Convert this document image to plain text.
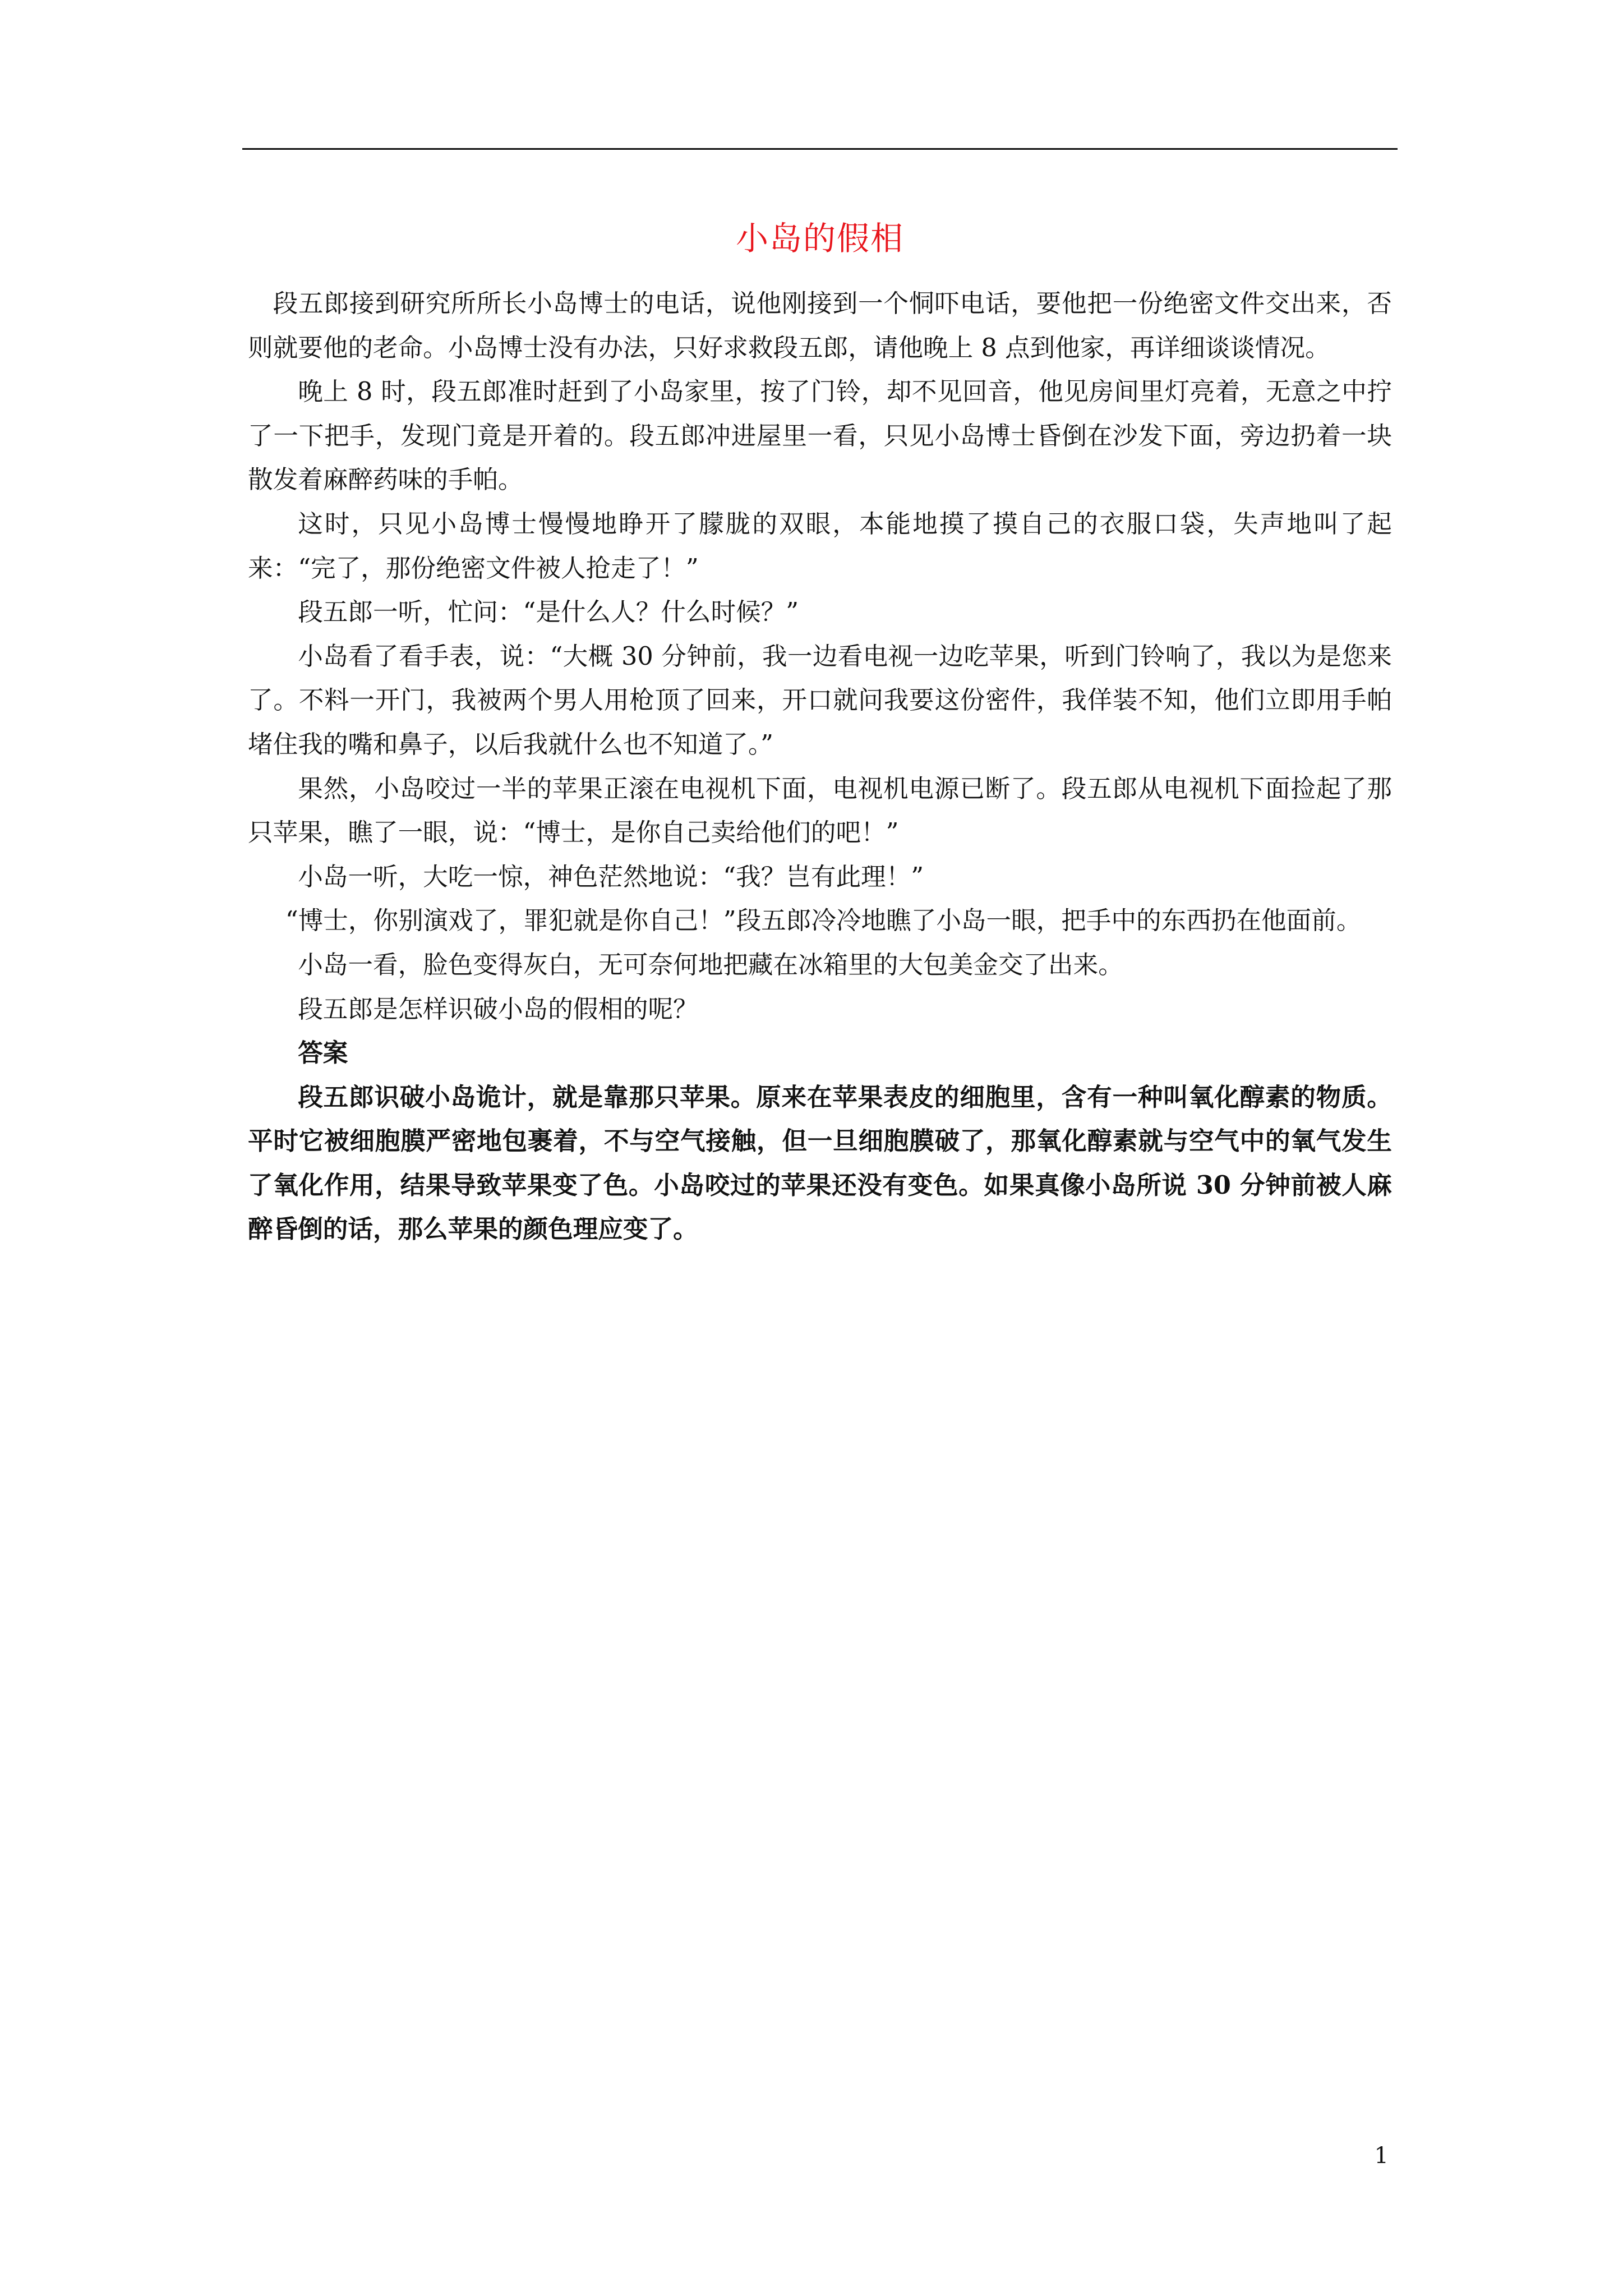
小岛的假相

段五郎接到研究所所长小岛博士的电话，说他刚接到一个恫吓电话，要他把一份绝密文件交出来，否则就要他的老命。小岛博士没有办法，只好求救段五郎，请他晚上 8 点到他家，再详细谈谈情况。

晚上 8 时，段五郎准时赶到了小岛家里，按了门铃，却不见回音，他见房间里灯亮着，无意之中拧了一下把手，发现门竟是开着的。段五郎冲进屋里一看，只见小岛博士昏倒在沙发下面，旁边扔着一块散发着麻醉药味的手帕。

这时，只见小岛博士慢慢地睁开了朦胧的双眼，本能地摸了摸自己的衣服口袋，失声地叫了起来：“完了，那份绝密文件被人抢走了！”

段五郎一听，忙问：“是什么人？什么时候？”

小岛看了看手表，说：“大概 30 分钟前，我一边看电视一边吃苹果，听到门铃响了，我以为是您来了。不料一开门，我被两个男人用枪顶了回来，开口就问我要这份密件，我佯装不知，他们立即用手帕堵住我的嘴和鼻子，以后我就什么也不知道了。”

果然，小岛咬过一半的苹果正滚在电视机下面，电视机电源已断了。段五郎从电视机下面捡起了那只苹果，瞧了一眼，说：“博士，是你自己卖给他们的吧！”

小岛一听，大吃一惊，神色茫然地说：“我？岂有此理！”

“博士，你别演戏了，罪犯就是你自己！”段五郎冷冷地瞧了小岛一眼，把手中的东西扔在他面前。

小岛一看，脸色变得灰白，无可奈何地把藏在冰箱里的大包美金交了出来。

段五郎是怎样识破小岛的假相的呢？

答案

段五郎识破小岛诡计，就是靠那只苹果。原来在苹果表皮的细胞里，含有一种叫氧化醇素的物质。平时它被细胞膜严密地包裹着，不与空气接触，但一旦细胞膜破了，那氧化醇素就与空气中的氧气发生了氧化作用，结果导致苹果变了色。小岛咬过的苹果还没有变色。如果真像小岛所说 30 分钟前被人麻醉昏倒的话，那么苹果的颜色理应变了。

1
